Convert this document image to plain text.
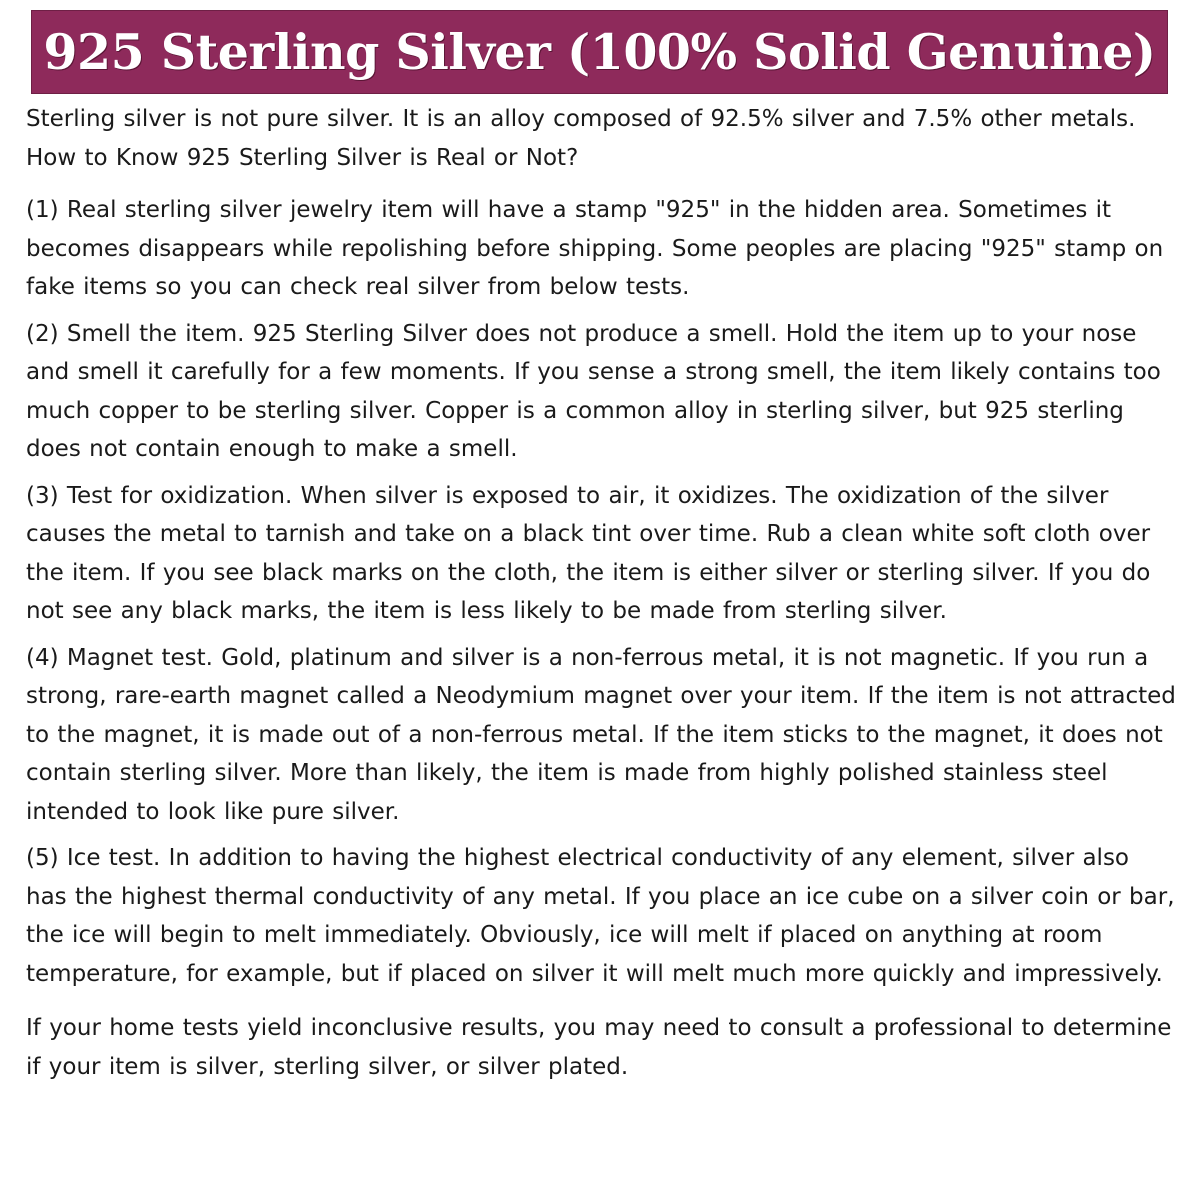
925 Sterling Silver (100% Solid Genuine)

Sterling silver is not pure silver. It is an alloy composed of 92.5% silver and 7.5% other metals. How to Know 925 Sterling Silver is Real or Not?

(1) Real sterling silver jewelry item will have a stamp "925" in the hidden area. Sometimes it becomes disappears while repolishing before shipping. Some peoples are placing "925" stamp on fake items so you can check real silver from below tests.

(2) Smell the item. 925 Sterling Silver does not produce a smell. Hold the item up to your nose and smell it carefully for a few moments. If you sense a strong smell, the item likely contains too much copper to be sterling silver. Copper is a common alloy in sterling silver, but 925 sterling does not contain enough to make a smell.

(3) Test for oxidization. When silver is exposed to air, it oxidizes. The oxidization of the silver causes the metal to tarnish and take on a black tint over time. Rub a clean white soft cloth over the item. If you see black marks on the cloth, the item is either silver or sterling silver. If you do not see any black marks, the item is less likely to be made from sterling silver.

(4) Magnet test. Gold, platinum and silver is a non-ferrous metal, it is not magnetic. If you run a strong, rare-earth magnet called a Neodymium magnet over your item. If the item is not attracted to the magnet, it is made out of a non-ferrous metal. If the item sticks to the magnet, it does not contain sterling silver. More than likely, the item is made from highly polished stainless steel intended to look like pure silver.

(5) Ice test. In addition to having the highest electrical conductivity of any element, silver also has the highest thermal conductivity of any metal. If you place an ice cube on a silver coin or bar, the ice will begin to melt immediately. Obviously, ice will melt if placed on anything at room temperature, for example, but if placed on silver it will melt much more quickly and impressively.

If your home tests yield inconclusive results, you may need to consult a professional to determine if your item is silver, sterling silver, or silver plated.
